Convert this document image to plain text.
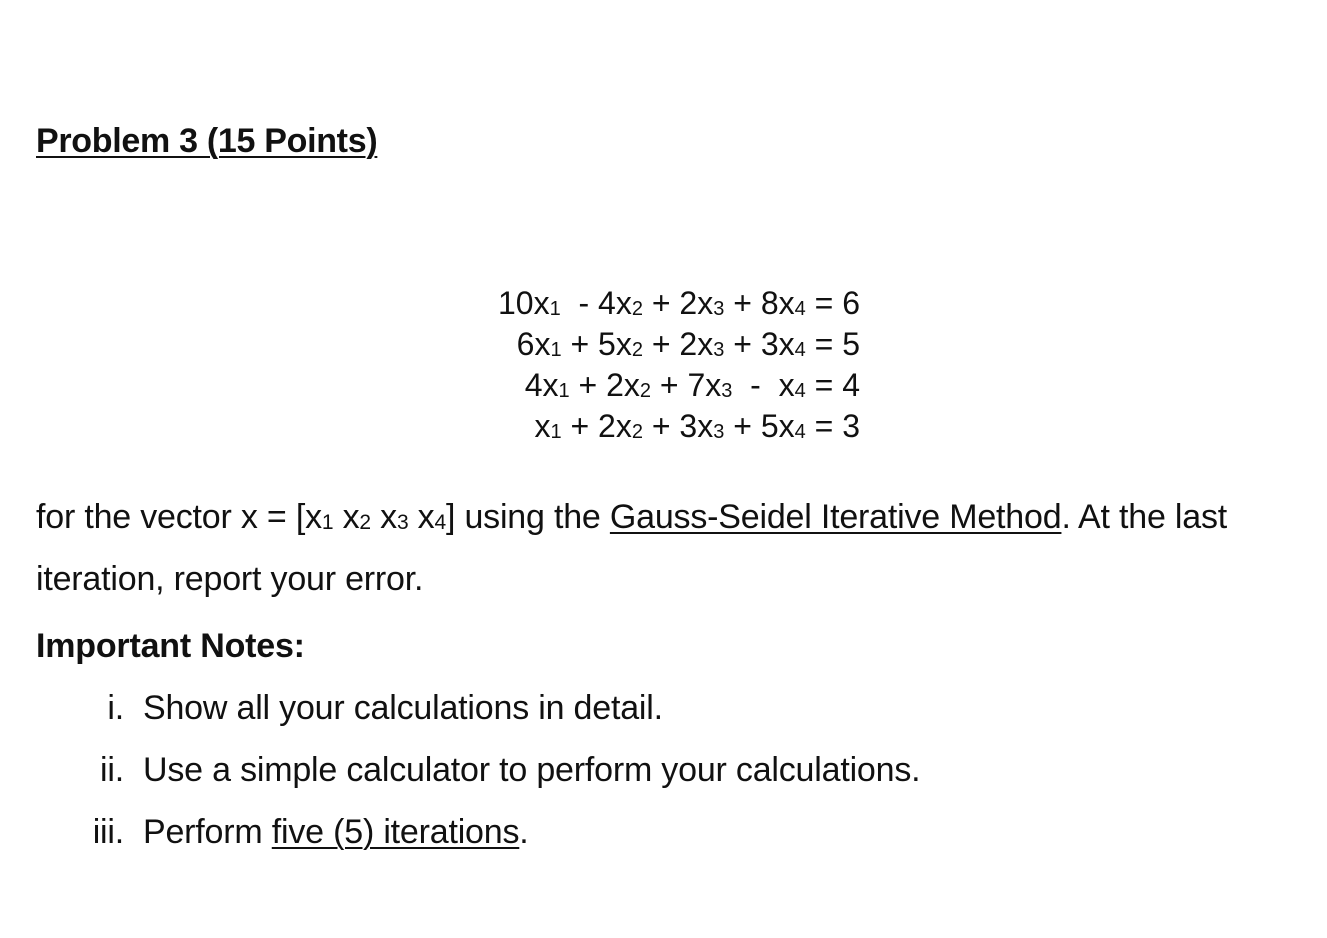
Problem 3 (15 Points)
$10x_1 - 4x_2 + 2x_3 + 8x_4 = 6$
$6x_1 + 5x_2 + 2x_3 + 3x_4 = 5$
$4x_1 + 2x_2 + 7x_3 - x_4 = 4$
$x_1 + 2x_2 + 3x_3 + 5x_4 = 3$
for the vector $x = [x_1$ $x_2$ $x_3$ $x_4$] using the Gauss-Seidel Iterative Method. At the last iteration, report your error.
Important Notes:
i. Show all your calculations in detail.
ii. Use a simple calculator to perform your calculations.
iii. Perform five (5) iterations.
